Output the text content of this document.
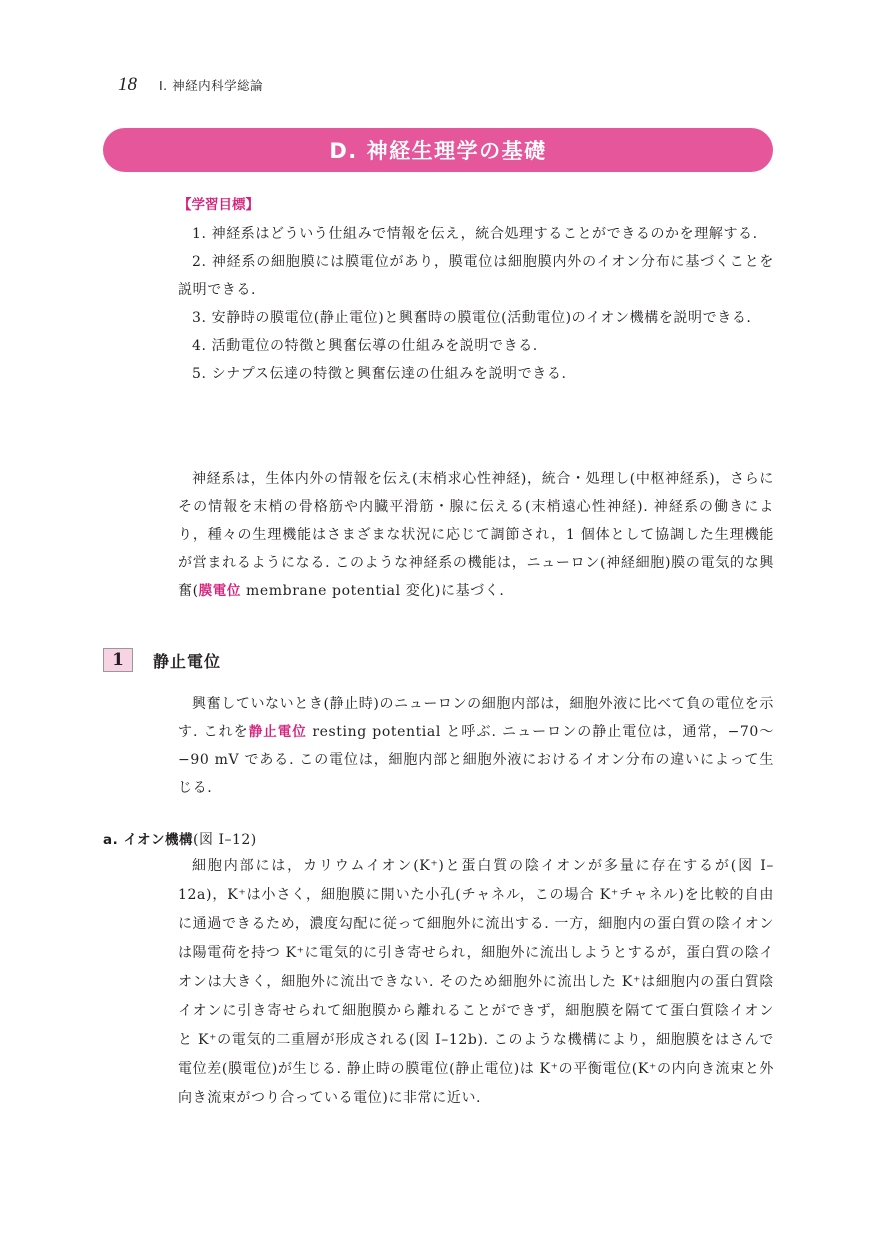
18 I. 神経内科学総論
D. 神経生理学の基礎
【学習目標】
1. 神経系はどういう仕組みで情報を伝え，統合処理することができるのかを理解する.
2. 神経系の細胞膜には膜電位があり，膜電位は細胞膜内外のイオン分布に基づくことを説明できる.
3. 安静時の膜電位(静止電位)と興奮時の膜電位(活動電位)のイオン機構を説明できる.
4. 活動電位の特徴と興奮伝導の仕組みを説明できる.
5. シナプス伝達の特徴と興奮伝達の仕組みを説明できる.

神経系は，生体内外の情報を伝え(末梢求心性神経)，統合・処理し(中枢神経系)，さらにその情報を末梢の骨格筋や内臓平滑筋・腺に伝える(末梢遠心性神経). 神経系の働きにより，種々の生理機能はさまざまな状況に応じて調節され，1 個体として協調した生理機能が営まれるようになる. このような神経系の機能は，ニューロン(神経細胞)膜の電気的な興奮(膜電位 membrane potential 変化)に基づく.

1	静止電位

興奮していないとき(静止時)のニューロンの細胞内部は，細胞外液に比べて負の電位を示す. これを静止電位 resting potential と呼ぶ. ニューロンの静止電位は，通常，−70〜−90 mV である. この電位は，細胞内部と細胞外液におけるイオン分布の違いによって生じる.

a. イオン機構(図 I–12)

細胞内部には，カリウムイオン(K⁺)と蛋白質の陰イオンが多量に存在するが(図 I–12a)，K⁺は小さく，細胞膜に開いた小孔(チャネル，この場合 K⁺チャネル)を比較的自由に通過できるため，濃度勾配に従って細胞外に流出する. 一方，細胞内の蛋白質の陰イオンは陽電荷を持つ K⁺に電気的に引き寄せられ，細胞外に流出しようとするが，蛋白質の陰イオンは大きく，細胞外に流出できない. そのため細胞外に流出した K⁺は細胞内の蛋白質陰イオンに引き寄せられて細胞膜から離れることができず，細胞膜を隔てて蛋白質陰イオンと K⁺の電気的二重層が形成される(図 I–12b). このような機構により，細胞膜をはさんで電位差(膜電位)が生じる. 静止時の膜電位(静止電位)は K⁺の平衡電位(K⁺の内向き流束と外向き流束がつり合っている電位)に非常に近い.
